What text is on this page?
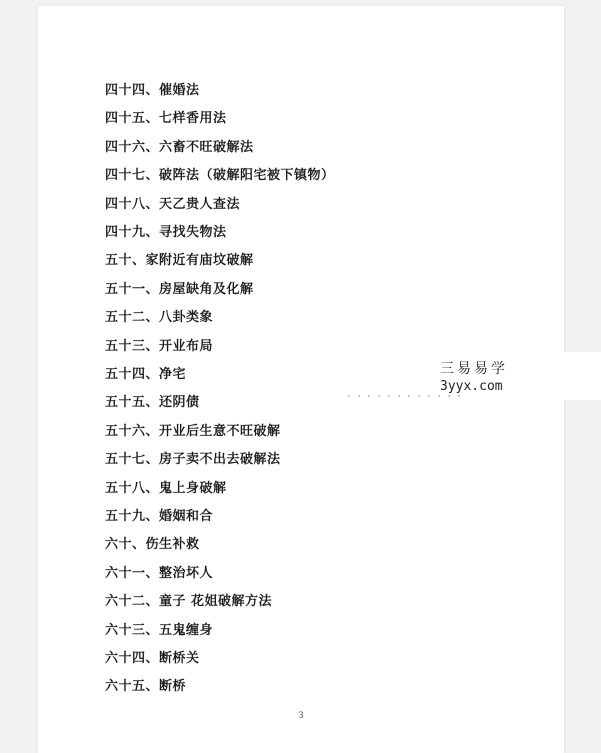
四十四、催婚法
四十五、七样香用法
四十六、六畜不旺破解法
四十七、破阵法（破解阳宅被下镇物）
四十八、天乙贵人查法
四十九、寻找失物法
五十、家附近有庙坟破解
五十一、房屋缺角及化解
五十二、八卦类象
五十三、开业布局
五十四、净宅
五十五、还阴债
五十六、开业后生意不旺破解
五十七、房子卖不出去破解法
五十八、鬼上身破解
五十九、婚姻和合
六十、伤生补救
六十一、整治坏人
六十二、童子 花姐破解方法
六十三、五鬼缠身
六十四、断桥关
六十五、断桥
3
三易易学
3yyx.com
